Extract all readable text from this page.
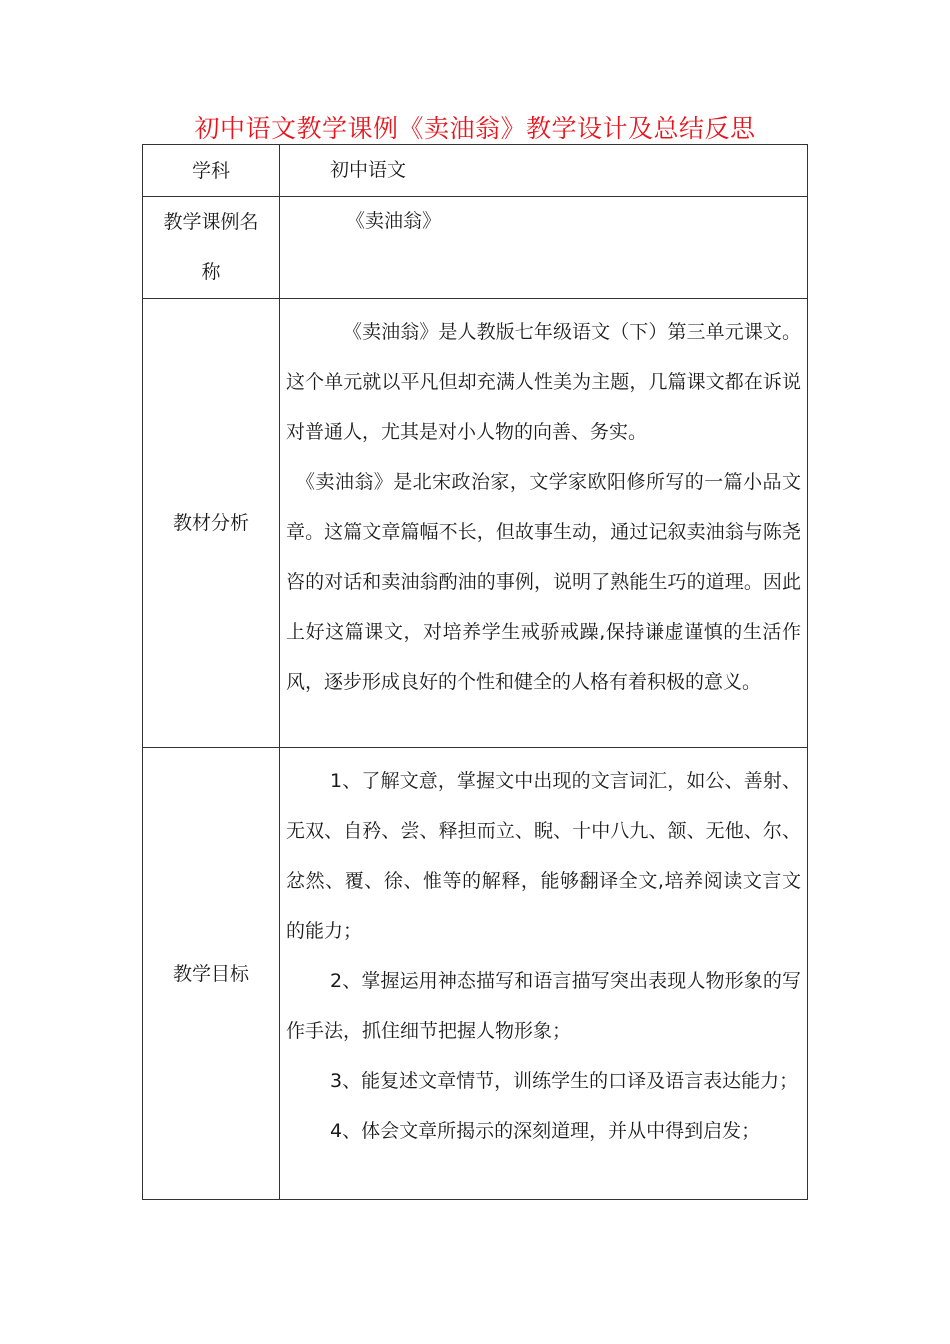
初中语文教学课例《卖油翁》教学设计及总结反思
学科	初中语文

教学课例名
称	《卖油翁》

教材分析	《卖油翁》是人教版七年级语文（下）第三单元课文。这个单元就以平凡但却充满人性美为主题，几篇课文都在诉说对普通人，尤其是对小人物的向善、务实。

《卖油翁》是北宋政治家，文学家欧阳修所写的一篇小品文章。这篇文章篇幅不长，但故事生动，通过记叙卖油翁与陈尧咨的对话和卖油翁酌油的事例，说明了熟能生巧的道理。因此上好这篇课文，对培养学生戒骄戒躁,保持谦虚谨慎的生活作风，逐步形成良好的个性和健全的人格有着积极的意义。

教学目标	1、了解文意，掌握文中出现的文言词汇，如公、善射、无双、自矜、尝、释担而立、睨、十中八九、颔、无他、尔、忿然、覆、徐、惟等的解释，能够翻译全文,培养阅读文言文的能力；

2、掌握运用神态描写和语言描写突出表现人物形象的写作手法，抓住细节把握人物形象；

3、能复述文章情节，训练学生的口译及语言表达能力；

4、体会文章所揭示的深刻道理，并从中得到启发；
